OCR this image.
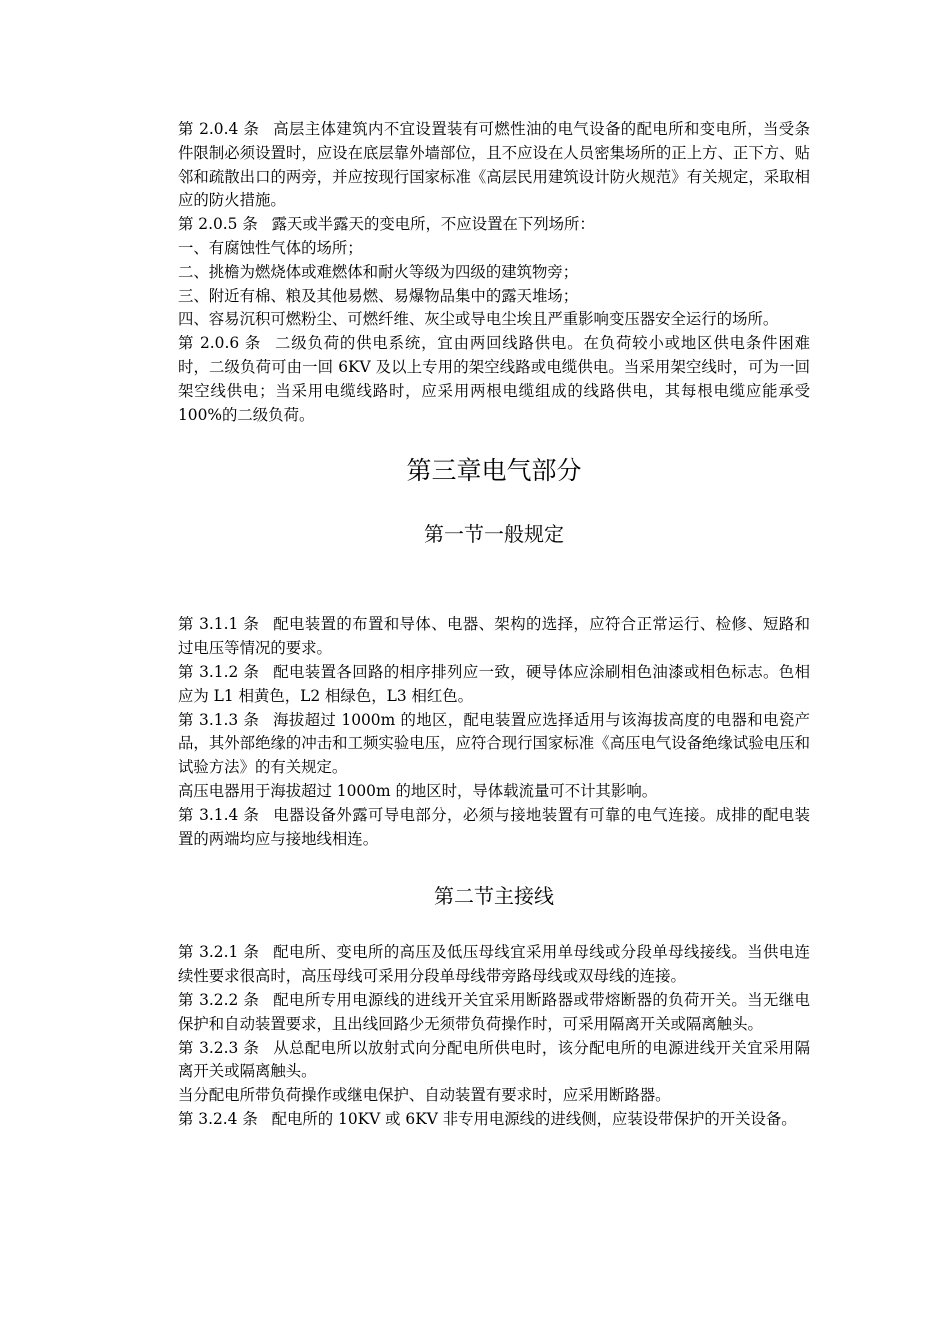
第 2.0.4 条 高层主体建筑内不宜设置装有可燃性油的电气设备的配电所和变电所，当受条件限制必须设置时，应设在底层靠外墙部位，且不应设在人员密集场所的正上方、正下方、贴邻和疏散出口的两旁，并应按现行国家标准《高层民用建筑设计防火规范》有关规定，采取相应的防火措施。

第 2.0.5 条 露天或半露天的变电所，不应设置在下列场所：

一、有腐蚀性气体的场所；

二、挑檐为燃烧体或难燃体和耐火等级为四级的建筑物旁；

三、附近有棉、粮及其他易燃、易爆物品集中的露天堆场；

四、容易沉积可燃粉尘、可燃纤维、灰尘或导电尘埃且严重影响变压器安全运行的场所。

第 2.0.6 条 二级负荷的供电系统，宜由两回线路供电。在负荷较小或地区供电条件困难时，二级负荷可由一回 6KV 及以上专用的架空线路或电缆供电。当采用架空线时，可为一回架空线供电；当采用电缆线路时，应采用两根电缆组成的线路供电，其每根电缆应能承受 100%的二级负荷。

第三章电气部分
第一节一般规定

第 3.1.1 条 配电装置的布置和导体、电器、架构的选择，应符合正常运行、检修、短路和过电压等情况的要求。

第 3.1.2 条 配电装置各回路的相序排列应一致，硬导体应涂刷相色油漆或相色标志。色相应为 L1 相黄色，L2 相绿色，L3 相红色。

第 3.1.3 条 海拔超过 1000m 的地区，配电装置应选择适用与该海拔高度的电器和电瓷产品，其外部绝缘的冲击和工频实验电压，应符合现行国家标准《高压电气设备绝缘试验电压和试验方法》的有关规定。

高压电器用于海拔超过 1000m 的地区时，导体载流量可不计其影响。

第 3.1.4 条 电器设备外露可导电部分，必须与接地装置有可靠的电气连接。成排的配电装置的两端均应与接地线相连。

第二节主接线

第 3.2.1 条 配电所、变电所的高压及低压母线宜采用单母线或分段单母线接线。当供电连续性要求很高时，高压母线可采用分段单母线带旁路母线或双母线的连接。

第 3.2.2 条 配电所专用电源线的进线开关宜采用断路器或带熔断器的负荷开关。当无继电保护和自动装置要求，且出线回路少无须带负荷操作时，可采用隔离开关或隔离触头。

第 3.2.3 条 从总配电所以放射式向分配电所供电时，该分配电所的电源进线开关宜采用隔离开关或隔离触头。

当分配电所带负荷操作或继电保护、自动装置有要求时，应采用断路器。

第 3.2.4 条 配电所的 10KV 或 6KV 非专用电源线的进线侧，应装设带保护的开关设备。
